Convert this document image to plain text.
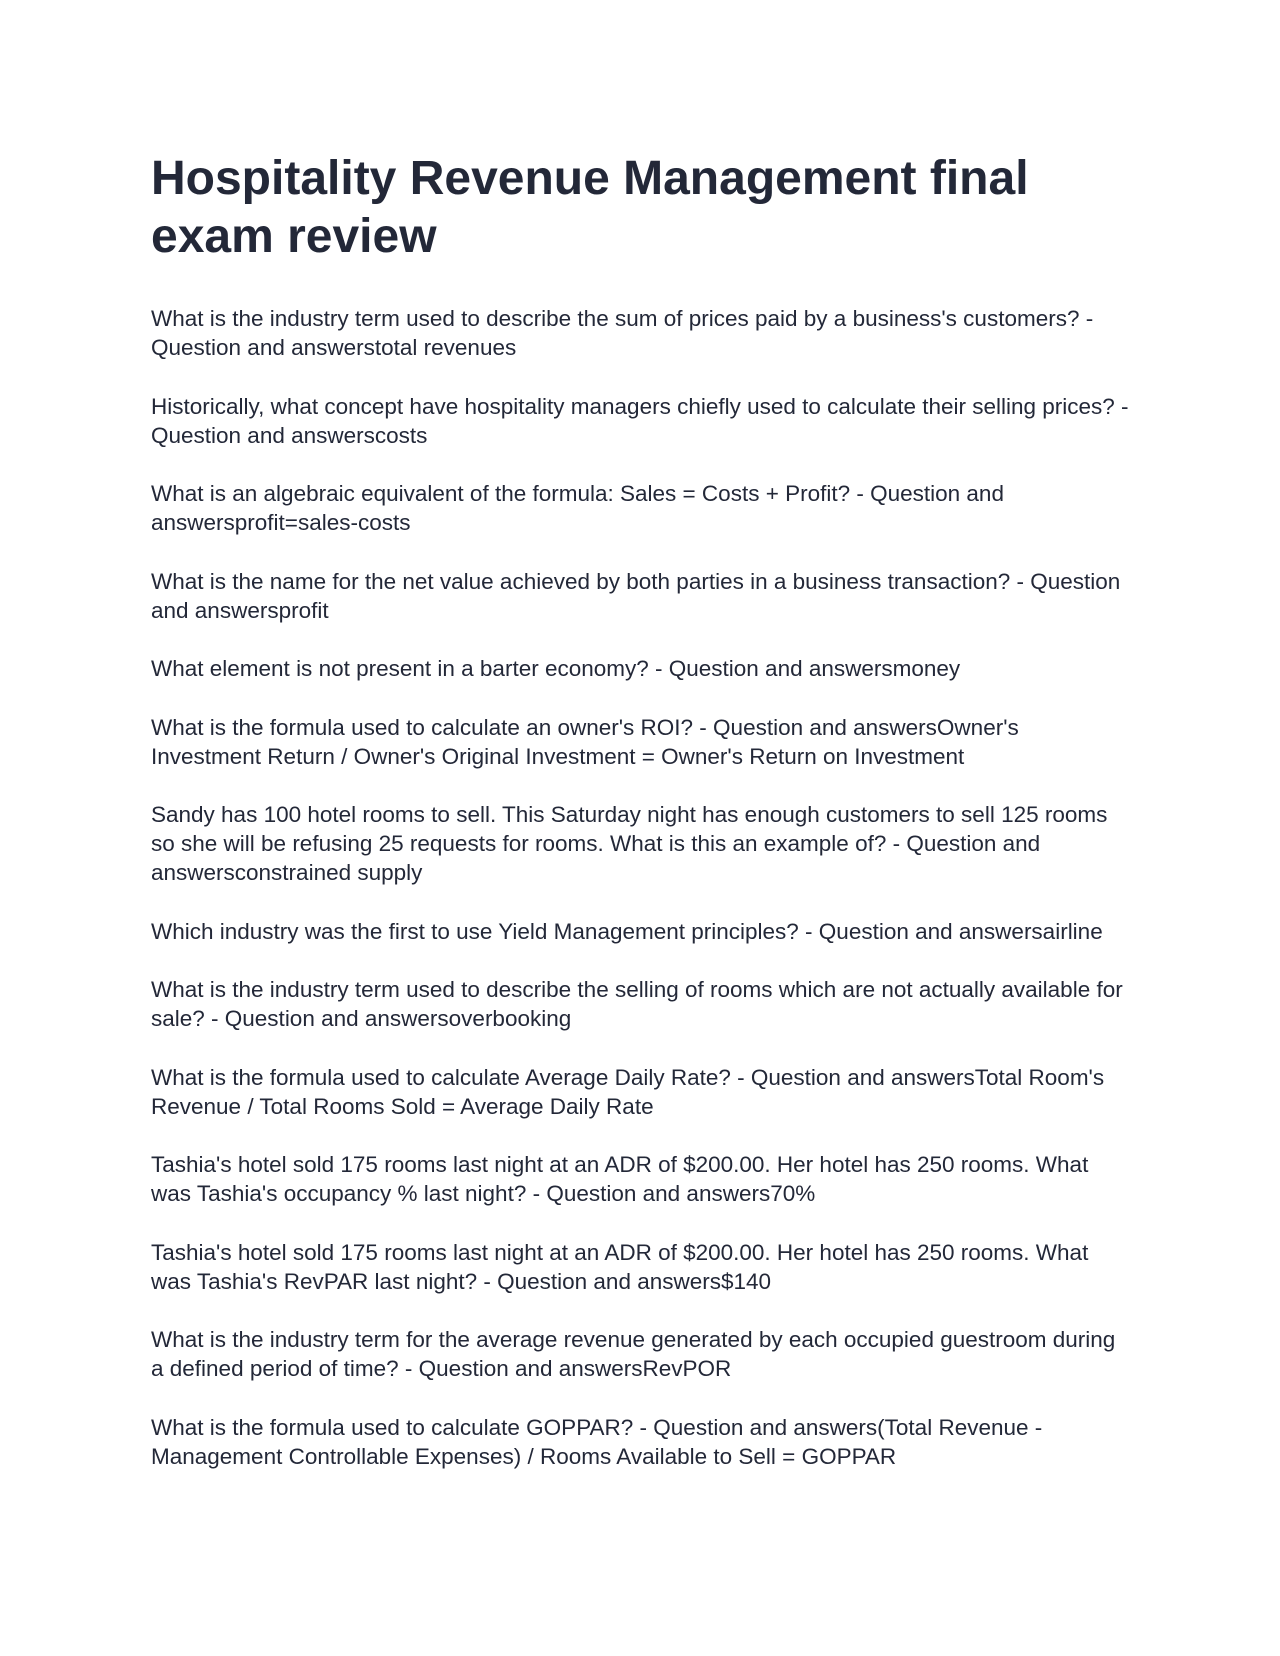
Hospitality Revenue Management final exam review

What is the industry term used to describe the sum of prices paid by a business's customers? - Question and answerstotal revenues

Historically, what concept have hospitality managers chiefly used to calculate their selling prices? - Question and answerscosts

What is an algebraic equivalent of the formula: Sales = Costs + Profit? - Question and answersprofit=sales-costs

What is the name for the net value achieved by both parties in a business transaction? - Question and answersprofit

What element is not present in a barter economy? - Question and answersmoney

What is the formula used to calculate an owner's ROI? - Question and answersOwner's Investment Return / Owner's Original Investment = Owner's Return on Investment

Sandy has 100 hotel rooms to sell. This Saturday night has enough customers to sell 125 rooms so she will be refusing 25 requests for rooms. What is this an example of? - Question and answersconstrained supply

Which industry was the first to use Yield Management principles? - Question and answersairline

What is the industry term used to describe the selling of rooms which are not actually available for sale? - Question and answersoverbooking

What is the formula used to calculate Average Daily Rate? - Question and answersTotal Room's Revenue / Total Rooms Sold = Average Daily Rate

Tashia's hotel sold 175 rooms last night at an ADR of $200.00. Her hotel has 250 rooms. What was Tashia's occupancy % last night? - Question and answers70%

Tashia's hotel sold 175 rooms last night at an ADR of $200.00. Her hotel has 250 rooms. What was Tashia's RevPAR last night? - Question and answers$140

What is the industry term for the average revenue generated by each occupied guestroom during a defined period of time? - Question and answersRevPOR

What is the formula used to calculate GOPPAR? - Question and answers(Total Revenue - Management Controllable Expenses) / Rooms Available to Sell = GOPPAR
